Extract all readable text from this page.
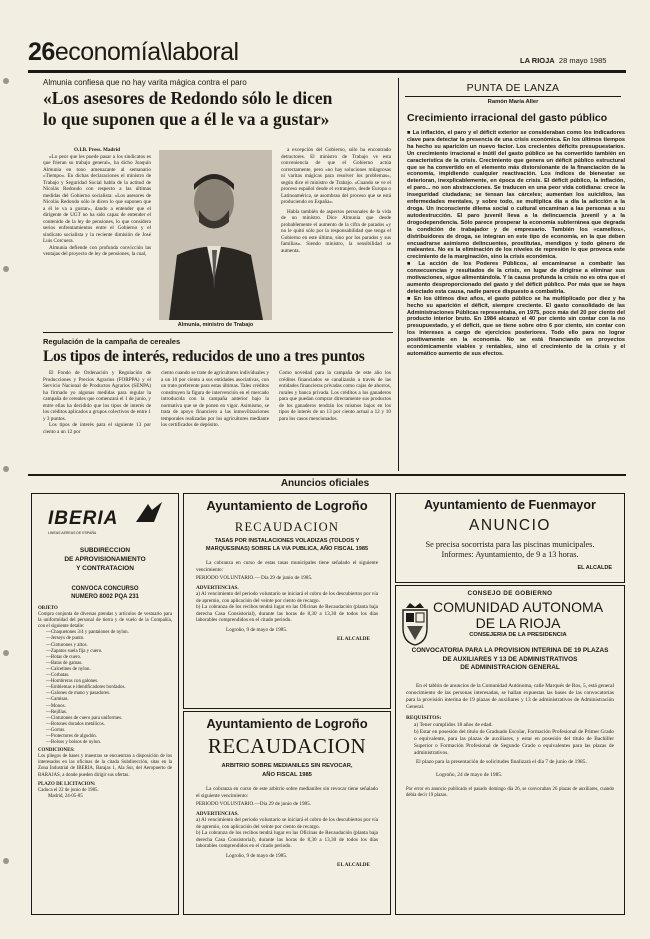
26economía\laboral	LA RIOJA 28 mayo 1985
Almunia confiesa que no hay varita mágica contra el paro
«Los asesores de Redondo sólo le dicen
lo que suponen que a él le va a gustar»
O.I.B. Press. Madrid
«Lo peor que les puede pasar a los sindicatos es que frieran su trabajo general», ha dicho Joaquín Almunia en tono amenazante al semanario «Tiempo». En dichas declaraciones el ministro de Trabajo y Seguridad Social habla de la actitud de Nicolás Redondo con respecto a las últimas medidas del Gobierno socialista: «Los asesores de Nicolás Redondo sólo le dicen lo que suponen que a él le va a gustar», dando a entender que el dirigente de UGT no ha sido capaz de entender el contenido de la ley de pensiones, lo que considera serios enfrentamientos entre el Gobierno y el sindicato socialista y la reciente dimisión de José Luis Corcuera.
Almunia defiende con profunda convicción las ventajas del proyecto de ley de pensiones, la cual,
Almunia, ministro de Trabajo
a excepción del Gobierno, sólo ha encontrado detractores. El ministro de Trabajo ve esta conveniencia de que el Gobierno actúa correctamente, pero «no hay soluciones milagrosas ni varitas mágicas para resolver los problemas», según dice el ministro de Trabajo. «Cuando se ve el proceso español desde el extranjero, desde Europa o Latinoamérica, se asombran del proceso que se está produciendo en España».
Habla también de aspectos personales de la vida de un ministro. Dice Almunia que desde probablemente el aumento de la cifra de parados «y no le quitó sólo por la responsabilidad que tenga el Gobierno en este último, sino por los parados y sus familias». Siendo ministro, la sensibilidad se aumenta.
Regulación de la campaña de cereales
Los tipos de interés, reducidos de uno a tres puntos
El Fondo de Ordenación y Regulación de Producciones y Precios Agrarios (FORPPA) y el Servicio Nacional de Productos Agrarios (SENPA) ha firmado yo algunas medidas para regular la campaña de cereales que comenzará el 1 de junio, y entre ellas ha decidido que los tipos de interés de los créditos aplicados a grupos colectivos de entre 1 y 3 puntos.
Los tipos de interés para el siguiente 13 por ciento a un 12 por
ciento cuando se trate de agricultores individuales y a un 10 por ciento a sus entidades asociativas, con un trato preferente para estas últimas. Tales créditos constituyen la figura de intervención en el mercado introducida con la campaña anterior bajo la normativa que se de ponen en vigor. Asimismo, se trata de apoyo financiero a las inmovilizaciones temporales realizadas por los agricultores mediante los certificados de depósito.
Como novedad para la campaña de este año los créditos financiados se canalizarán a través de las entidades financieras privadas como cajas de ahorros, rurales y banca privada. Los créditos a los ganaderos para que puedan comprar directamente sus productos de los ganaderos tendrán los mismos bajos en los tipos de interés de un 13 por ciento actual a 12 y 10 para los casos mencionados.
PUNTA DE LANZA
Ramón María Aller
Crecimiento irracional del gasto público
■ La inflación, el paro y el déficit exterior se consideraban como los indicadores clave para detectar la presencia de una crisis económica. En los últimos tiempos ha hecho su aparición un nuevo factor. Los crecientes déficits presupuestarios. Un crecimiento irracional e inútil del gasto público se ha convertido también en característica de la crisis. Crecimiento que genera un déficit público estructural que se ha convertido en el elemento más distorsionante de la financiación de la economía, impidiendo cualquier reactivación. Los índices de bienestar se deterioran, inexplicablemente, en época de crisis. El déficit público, la inflación, el paro... no son abstracciones. Se traducen en una peor vida cotidiana: crece la inseguridad ciudadana; se tensan las cárceles; aumentan los suicidios, las enfermedades mentales, y sobre todo, se multiplica día a día la adicción a la droga. Un inconsciente dilema social o cultural encaminan a las personas a su autodestrucción. El paro juvenil lleva a la delincuencia juvenil y a la drogodependencia. Sólo parece prosperar la economía subterránea que degrada la condición de trabajador y de empresario. También los «camellos», distribuidores de droga, se integran en este tipo de economía, en la que deben encuadrarse asimismo delincuentes, prostitutas, mendigos y todo género de maleantes. No es la eliminación de los niveles de represión lo que provoca este crecimiento de la marginación, sino la crisis económica.
■ La acción de los Poderes Públicos, al encaminarse a combatir las consecuencias y resultados de la crisis, en lugar de dirigirse a eliminar sus motivaciones, sigue alimentándola. Y la causa profunda la crisis no es otra que el aumento desproporcionado del gasto y del déficit público. Por más que se haya detectado esta causa, nadie parece dispuesto a combatirla.
■ En los últimos diez años, el gasto público se ha multiplicado por diez y ha hecho su aparición el déficit, siempre creciente. El gasto consolidado de las Administraciones Públicas representaba, en 1975, poco más del 20 por ciento del producto interior bruto. En 1984 alcanzó el 40 por ciento sin contar con la no presupuestado, y el déficit, que se tiene sobre otro 6 por ciento, sin contar con los intereses a cargo de ejercicios posteriores. Todo ello para no lograr positivamente en la economía. No se está financiando en proyectos económicamente viables y rentables, sino el crecimiento de la crisis y el automático aumento de sus efectos.
Anuncios oficiales
IBERIA
LINEAS AEREAS DE ESPAÑA
SUBDIRECCION
DE APROVISIONAMIENTO
Y CONTRATACION
CONVOCA CONCURSO
NUMERO 8002 PQA 231
OBJETO
Compra conjunta de diversas prendas y artículos de vestuario para la uniformidad del personal de tierra y de vuelo de la Compañía, con el siguiente detalle:
—Chaquetones 3/4 y pantalones de nylon.
—Jerseys de punto.
—Cinturones y altos.
—Zapatos suela fija y cuero.
—Botas de cuero.
—Batas de gamas.
—Calcetines de nylon.
—Corbatas.
—Hombreras con galones.
—Emblemas e identificadores bordados.
—Galones de mano y pasadores.
—Camisas.
—Monos.
—Rejillas.
—Cinturones de cuero para uniformes.
—Botones dorados metálicos.
—Gorras.
—Protectores de algodón.
—Bolsos y bolsos de nylon.
CONDICIONES:
Los pliegos de bases y muestras se encuentran a disposición de los interesados en las oficinas de la citada Subdirección, sitas en la Zona Industrial de IBERIA, Barajas 1, Ala Sur, del Aeropuerto de BARAJAS, a donde pueden dirigir sus ofertas.
PLAZO DE LICITACION:
Caduca el 22 de junio de 1985.
Madrid, 24-05-85
Ayuntamiento de Logroño
RECAUDACION
TASAS POR INSTALACIONES VOLADIZAS (TOLDOS Y MARQUESINAS) SOBRE LA VIA PUBLICA, AÑO FISCAL 1985
La cobranza en curso de estas tasas municipales tiene señalado el siguiente vencimiento:
PERIODO VOLUNTARIO.— Día 29 de junio de 1985.
ADVERTENCIAS.
a) Al vencimiento del periodo voluntario se iniciará el cobro de los descubiertos por vía de apremio, con aplicación del veinte por ciento de recargo.
b) La cobranza de los recibos tendrá lugar en las Oficinas de Recaudación (planta baja derecha Casa Consistorial), durante las horas de 8,30 a 13,30 de todos los días laborables comprendidos en el citado periodo.
Logroño, 9 de mayo de 1985.
EL ALCALDE
Ayuntamiento de Logroño
RECAUDACION
ARBITRIO SOBRE MEDIANILES SIN REVOCAR,
AÑO FISCAL 1985
La cobranza en curso de este arbitrio sobre medianiles sin revocar tiene señalado el siguiente vencimiento:
PERIODO VOLUNTARIO.—Día 29 de junio de 1985.
ADVERTENCIAS.
a) Al vencimiento del periodo voluntario se iniciará el cobro de los descubiertos por vía de apremio, con aplicación del veinte por ciento de recargo.
b) La cobranza de los recibos tendrá lugar en las Oficinas de Recaudación (planta baja derecha Casa Consistorial), durante las horas de 8,30 a 13,30 de todos los días laborables comprendidos en el citado periodo.
Logroño, 9 de mayo de 1985.
EL ALCALDE
Ayuntamiento de Fuenmayor
ANUNCIO
Se precisa socorrista para las piscinas municipales.
Informes: Ayuntamiento, de 9 a 13 horas.
EL ALCALDE
CONSEJO DE GOBIERNO
COMUNIDAD AUTONOMA
DE LA RIOJA
CONSEJERIA DE LA PRESIDENCIA
CONVOCATORIA PARA LA PROVISION INTERINA DE 19 PLAZAS
DE AUXILIARES Y 13 DE ADMINISTRATIVOS
DE ADMINISTRACION GENERAL
En el tablón de anuncios de la Comunidad Autónoma, calle Marqués de Ros, 5, está general conocimiento de las personas interesadas, se hallan expuestas las bases de las convocatorias para la provisión interina de 19 plazas de auxiliares y 13 de administrativos de Administración General.
REQUISITOS:
a) Tener cumplidos 18 años de edad.
b) Estar en posesión del título de Graduado Escolar, Formación Profesional de Primer Grado o equivalente, para las plazas de auxiliares, y estar en posesión del título de Bachiller Superior o Formación Profesional de Segundo Grado o equivalentes para las plazas de administrativos.
El plazo para la presentación de solicitudes finalizará el día 7 de junio de 1985.
Logroño, 24 de mayo de 1985.
Por error en anuncio publicado el pasado domingo día 26, se convocaban 26 plazas de auxiliares, cuando debía decir 19 plazas.
